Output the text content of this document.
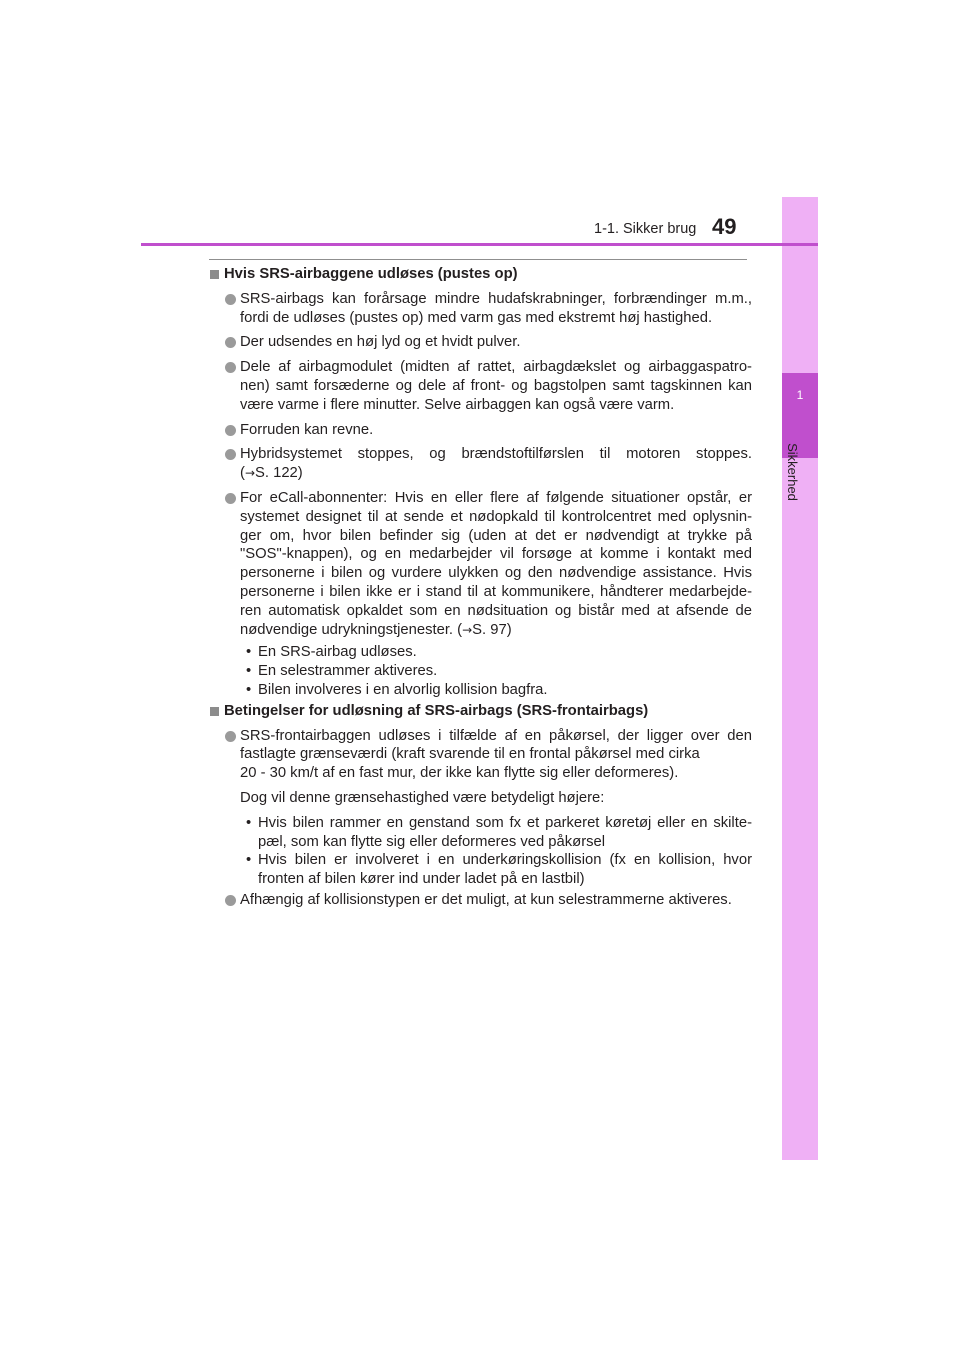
1
Sikkerhed
1-1. Sikker brug 49
Hvis SRS-airbaggene udløses (pustes op)
SRS-airbags kan forårsage mindre hudafskrabninger, forbrændinger m.m.,
fordi de udløses (pustes op) med varm gas med ekstremt høj hastighed.
Der udsendes en høj lyd og et hvidt pulver.
Dele af airbagmodulet (midten af rattet, airbagdækslet og airbaggaspatro-
nen) samt forsæderne og dele af front- og bagstolpen samt tagskinnen kan
være varme i flere minutter. Selve airbaggen kan også være varm.
Forruden kan revne.
Hybridsystemet stoppes, og brændstoftilførslen til motoren stoppes.
(→S. 122)
For eCall-abonnenter: Hvis en eller flere af følgende situationer opstår, er
systemet designet til at sende et nødopkald til kontrolcentret med oplysnin-
ger om, hvor bilen befinder sig (uden at det er nødvendigt at trykke på
"SOS"-knappen), og en medarbejder vil forsøge at komme i kontakt med
personerne i bilen og vurdere ulykken og den nødvendige assistance. Hvis
personerne i bilen ikke er i stand til at kommunikere, håndterer medarbejde-
ren automatisk opkaldet som en nødsituation og bistår med at afsende de
nødvendige udrykningstjenester. (→S. 97)
• En SRS-airbag udløses.
• En selestrammer aktiveres.
• Bilen involveres i en alvorlig kollision bagfra.
Betingelser for udløsning af SRS-airbags (SRS-frontairbags)
SRS-frontairbaggen udløses i tilfælde af en påkørsel, der ligger over den
fastlagte grænseværdi (kraft svarende til en frontal påkørsel med cirka
20 - 30 km/t af en fast mur, der ikke kan flytte sig eller deformeres).
Dog vil denne grænsehastighed være betydeligt højere:
• Hvis bilen rammer en genstand som fx et parkeret køretøj eller en skilte-
pæl, som kan flytte sig eller deformeres ved påkørsel
• Hvis bilen er involveret i en underkøringskollision (fx en kollision, hvor
fronten af bilen kører ind under ladet på en lastbil)
Afhængig af kollisionstypen er det muligt, at kun selestrammerne aktiveres.
